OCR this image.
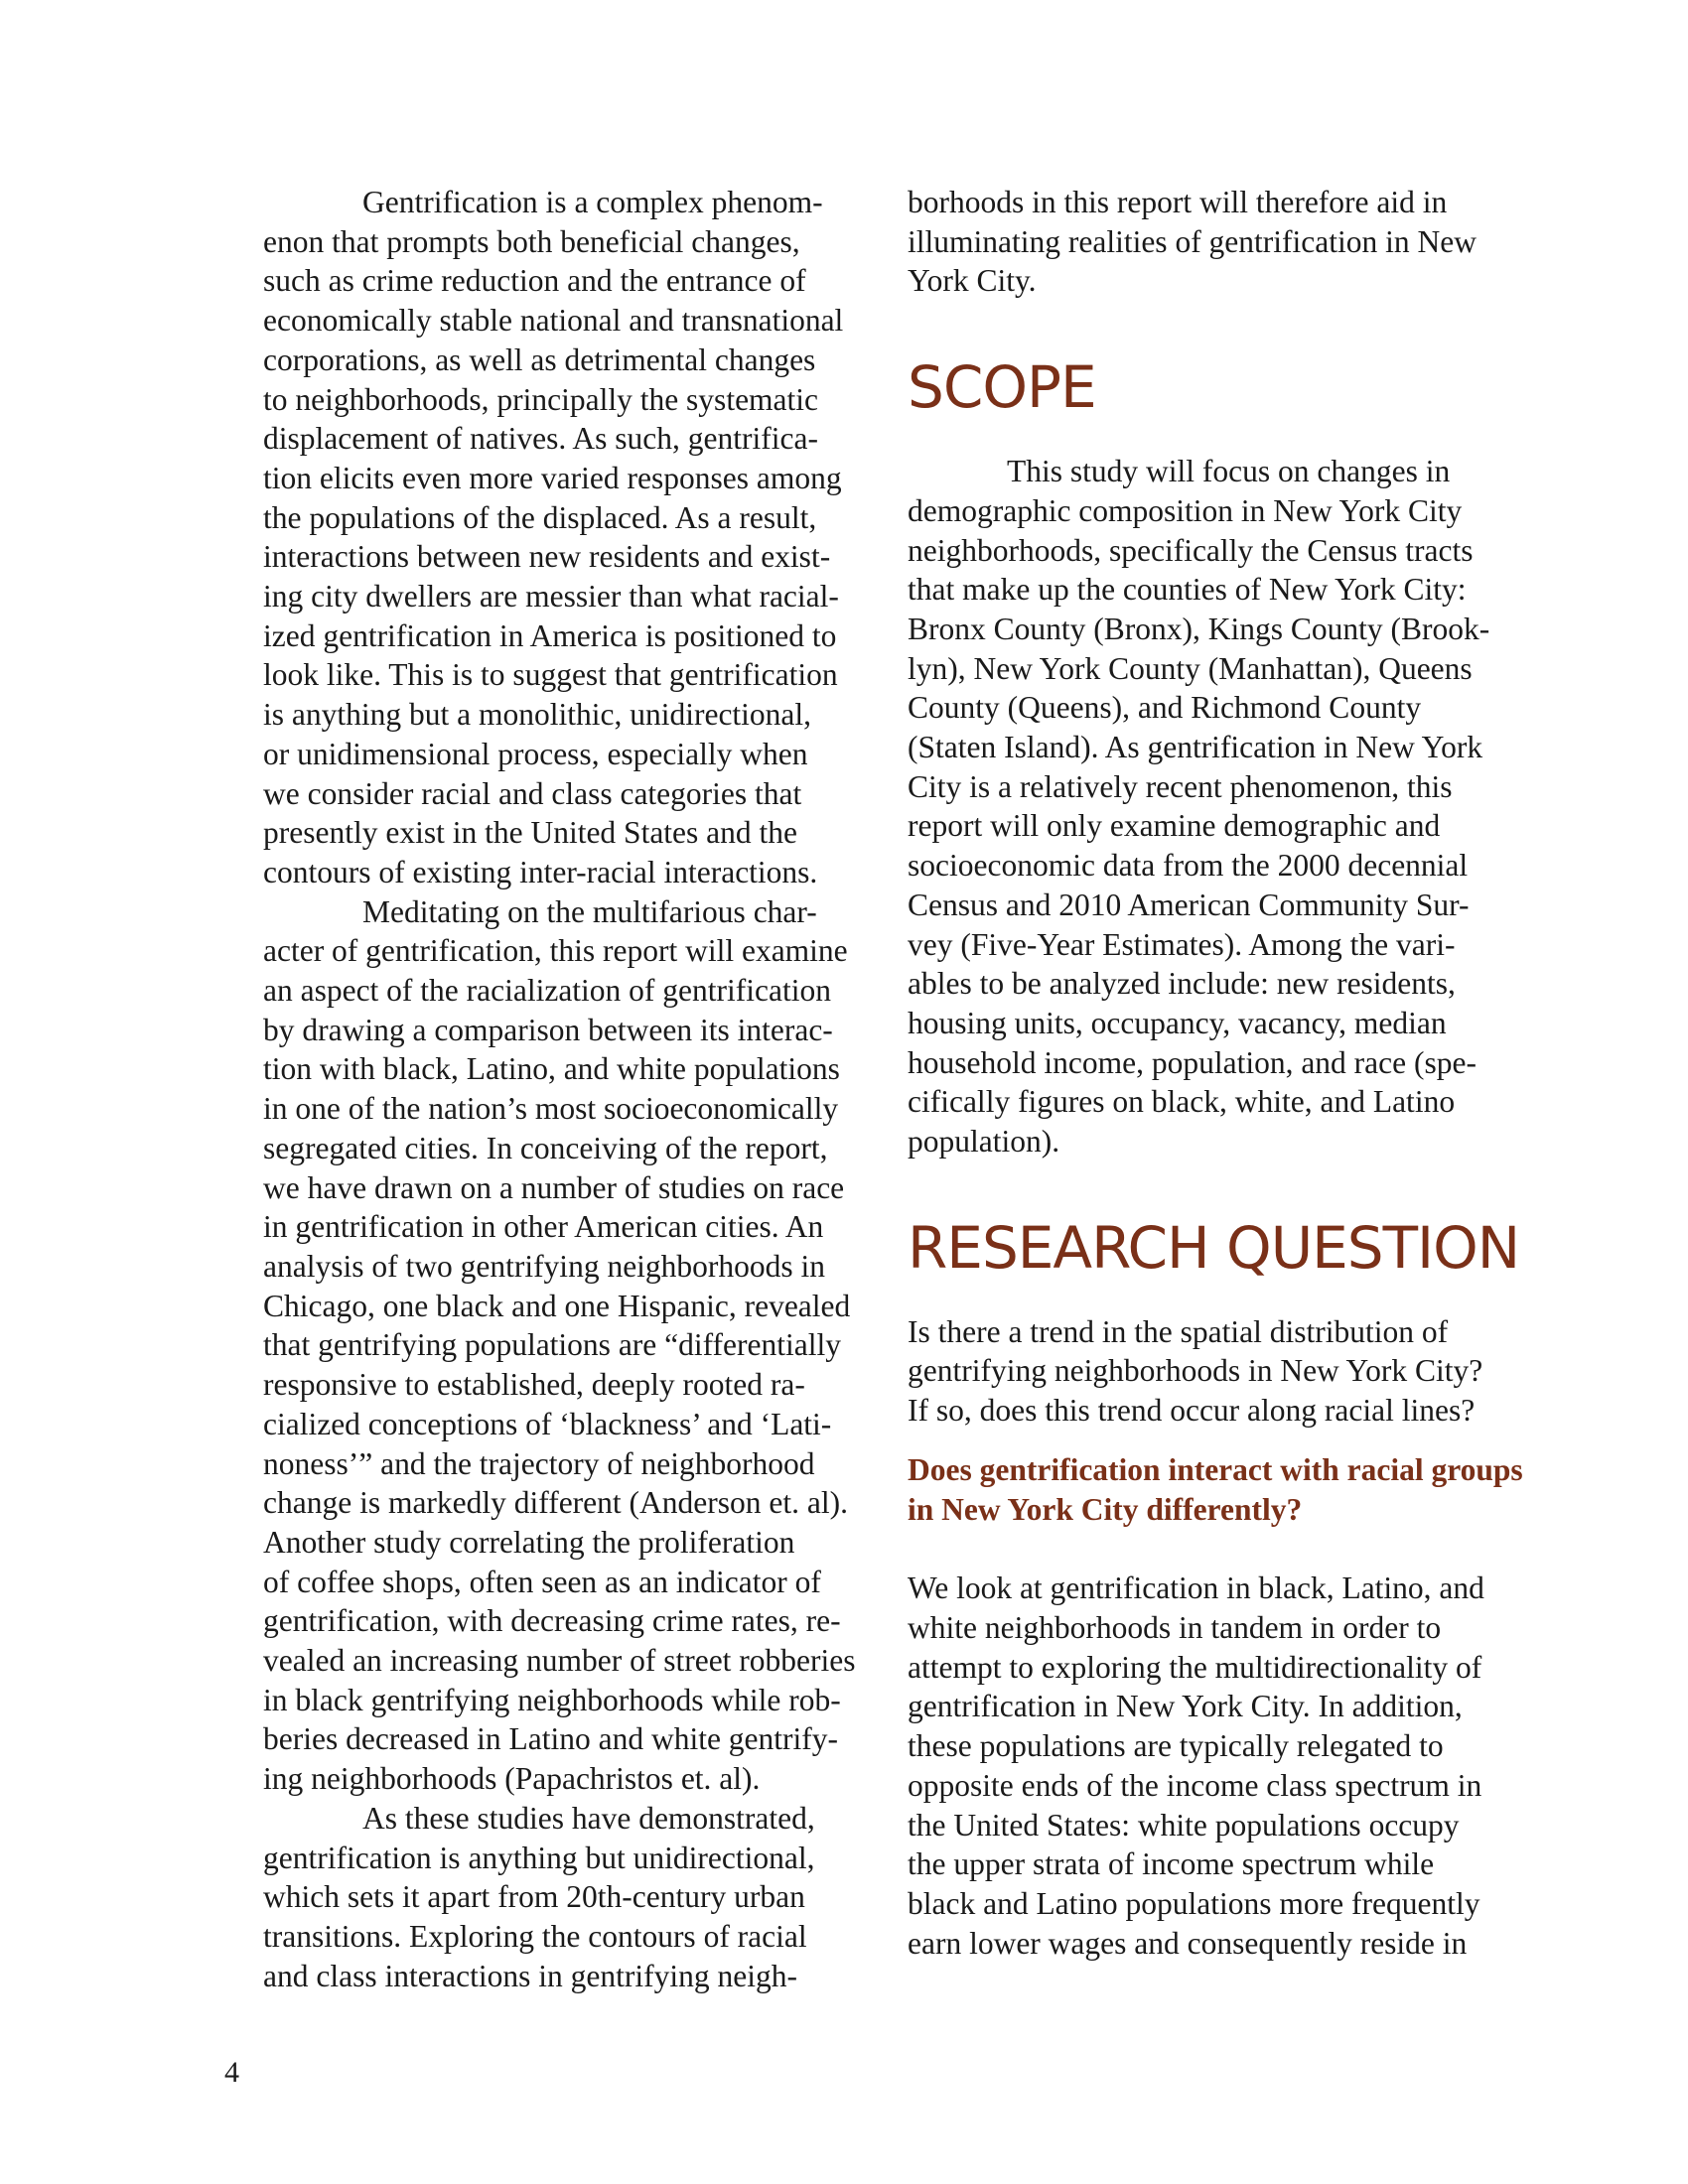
Gentrification is a complex phenom-
enon that prompts both beneficial changes,
such as crime reduction and the entrance of
economically stable national and transnational
corporations, as well as detrimental changes
to neighborhoods, principally the systematic
displacement of natives. As such, gentrifica-
tion elicits even more varied responses among
the populations of the displaced. As a result,
interactions between new residents and exist-
ing city dwellers are messier than what racial-
ized gentrification in America is positioned to
look like. This is to suggest that gentrification
is anything but a monolithic, unidirectional,
or unidimensional process, especially when
we consider racial and class categories that
presently exist in the United States and the
contours of existing inter-racial interactions.
Meditating on the multifarious char-
acter of gentrification, this report will examine
an aspect of the racialization of gentrification
by drawing a comparison between its interac-
tion with black, Latino, and white populations
in one of the nation’s most socioeconomically
segregated cities. In conceiving of the report,
we have drawn on a number of studies on race
in gentrification in other American cities. An
analysis of two gentrifying neighborhoods in
Chicago, one black and one Hispanic, revealed
that gentrifying populations are “differentially
responsive to established, deeply rooted ra-
cialized conceptions of ‘blackness’ and ‘Lati-
noness’” and the trajectory of neighborhood
change is markedly different (Anderson et. al).
Another study correlating the proliferation
of coffee shops, often seen as an indicator of
gentrification, with decreasing crime rates, re-
vealed an increasing number of street robberies
in black gentrifying neighborhoods while rob-
beries decreased in Latino and white gentrify-
ing neighborhoods (Papachristos et. al).
As these studies have demonstrated,
gentrification is anything but unidirectional,
which sets it apart from 20th-century urban
transitions. Exploring the contours of racial
and class interactions in gentrifying neigh-
borhoods in this report will therefore aid in
illuminating realities of gentrification in New
York City.
SCOPE
This study will focus on changes in
demographic composition in New York City
neighborhoods, specifically the Census tracts
that make up the counties of New York City:
Bronx County (Bronx), Kings County (Brook-
lyn), New York County (Manhattan), Queens
County (Queens), and Richmond County
(Staten Island). As gentrification in New York
City is a relatively recent phenomenon, this
report will only examine demographic and
socioeconomic data from the 2000 decennial
Census and 2010 American Community Sur-
vey (Five-Year Estimates). Among the vari-
ables to be analyzed include: new residents,
housing units, occupancy, vacancy, median
household income, population, and race (spe-
cifically figures on black, white, and Latino
population).
RESEARCH QUESTION
Is there a trend in the spatial distribution of
gentrifying neighborhoods in New York City?
If so, does this trend occur along racial lines?
Does gentrification interact with racial groups
in New York City differently?
We look at gentrification in black, Latino, and
white neighborhoods in tandem in order to
attempt to exploring the multidirectionality of
gentrification in New York City. In addition,
these populations are typically relegated to
opposite ends of the income class spectrum in
the United States: white populations occupy
the upper strata of income spectrum while
black and Latino populations more frequently
earn lower wages and consequently reside in
4
